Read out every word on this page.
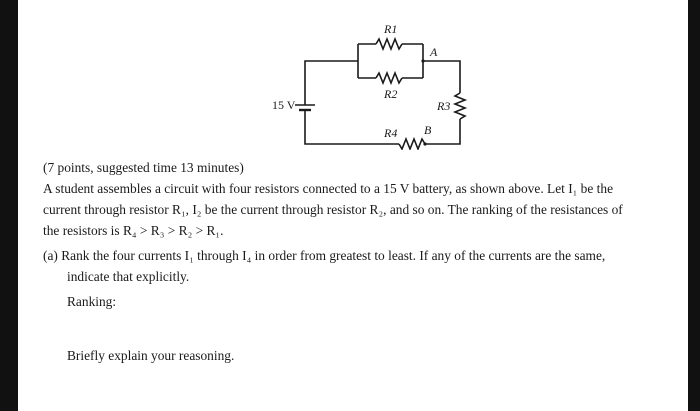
15 V
R1
R2
R3
R4
A
B
(7 points, suggested time 13 minutes)
A student assembles a circuit with four resistors connected to a 15 V battery, as shown above. Let I₁ be the
current through resistor R₁, I₂ be the current through resistor R₂, and so on. The ranking of the resistances of
the resistors is R₄ > R₃ > R₂ > R₁.
(a) Rank the four currents I₁ through I₄ in order from greatest to least. If any of the currents are the same,
indicate that explicitly.
Ranking:
Briefly explain your reasoning.
